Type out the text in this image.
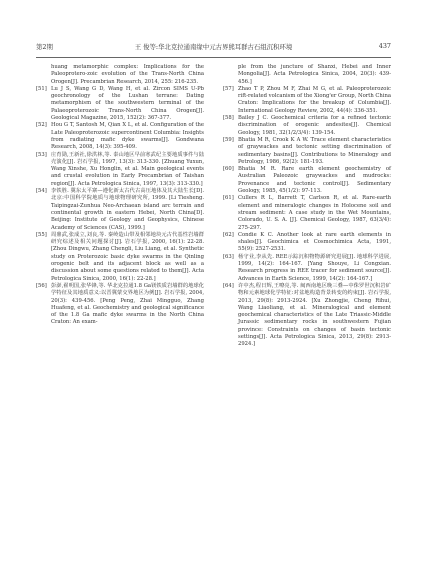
第2期	王 俊等:华北克拉通南缘中元古界熊耳群古石组沉积环境	437

huang metamorphic complex: Implications for the Paleoprotero-zoic evolution of the Trans-North China Orogen[J]. Precambrian Research, 2014, 255: 216-235.

[51] Lu J S, Wang G D, Wang H, et al. Zircon SIMS U-Pb geochronology of the Lushan terrane: Dating metamorphism of the southwestern terminal of the Palaeoproterozoic Trans-North China Orogen[J]. Geological Magazine, 2015, 152(2): 367-377.

[52] Hou G T, Santosh M, Qian X L, et al. Configuration of the Late Paleoproterozoic supercontinent Columbia: Insights from radiating mafic dyke swarms[J]. Gondwana Research, 2008, 14(3): 395-409.

[53] 庄育勋,王新社,徐洪林,等. 泰山地区早前寒武纪主要地质事件与陆壳演化[J]. 岩石学报, 1997, 13(3): 313-330. [Zhuang Yuxun, Wang Xinshe, Xu Honglin, et al. Main geological events and crustal evolution in Early Precambrian of Taishan region[J]. Acta Petrologica Sinica, 1997, 13(3): 313-330.]

[54] 李铁胜. 冀东太平寨—遵化新太古代古高压地体及其大陆生长[D]. 北京:中国科学院地质与地球物理研究所, 1999. [Li Tiesheng. Taipingzai-Zunhua Neo-Archaean island arc terrain and continental growth in eastern Hebei, North China[D]. Beijing: Institute of Geology and Geophysics, Chinese Academy of Sciences (CAS), 1999.]

[55] 周鼎武,张成立,刘良,等. 秦岭造山带及相邻地块元古代基性岩墙群研究综述及相关问题探讨[J]. 岩石学报, 2000, 16(1): 22-28. [Zhou Dingwu, Zhang Chengli, Liu Liang, et al. Synthetic study on Proterozoic basic dyke swarms in the Qinling orogenic belt and its adjacent block as well as a discussion about some questions related to them[J]. Acta Petrologica Sinica, 2000, 16(1): 22-28.]

[56] 彭澎,翟明国,张华锋,等. 华北克拉通1.8 Ga镁铁质岩墙群的地球化学特征及其地质意义:以晋冀蒙交界地区为例[J]. 岩石学报, 2004, 20(3): 439-456. [Peng Peng, Zhai Mingguo, Zhang Huafeng, et al. Geochemistry and geological significance of the 1.8 Ga mafic dyke swarms in the North China Craton: An exam-

ple from the juncture of Shanxi, Hebei and Inner Mongolia[J]. Acta Petrologica Sinica, 2004, 20(3): 439-456.]

[57] Zhao T P, Zhou M F, Zhai M G, et al. Paleoproterozoic rift-related volcanism of the Xiong'er Group, North China Craton: Implications for the breakup of Columbia[J]. International Geology Review, 2002, 44(4): 336-351.

[58] Bailey J C. Geochemical criteria for a refined tectonic discrimination of orogenic andesites[J]. Chemical Geology, 1981, 32(1/2/3/4): 139-154.

[59] Bhatia M R, Crook K A W. Trace element characteristics of graywackes and tectonic setting discrimination of sedimentary basins[J]. Contributions to Mineralogy and Petrology, 1986, 92(2): 181-193.

[60] Bhatia M R. Rare earth element geochemistry of Australian Paleozoic graywackes and mudrocks: Provenance and tectonic control[J]. Sedimentary Geology, 1985, 45(1/2): 97-113.

[61] Cullers R L, Barrett T, Carlson R, et al. Rare-earth element and mineralogic changes in Holocene soil and stream sediment: A case study in the Wet Mountains, Colorado, U. S. A. [J]. Chemical Geology, 1987, 63(3/4): 275-297.

[62] Condie K C. Another look at rare earth elements in shales[J]. Geochimica et Cosmochimica Acta, 1991, 55(9): 2527-2531.

[63] 杨守业,李从先. REE示踪沉积物物源研究进展[J]. 地球科学进展, 1999, 14(2): 164-167. [Yang Shouye, Li Congxian. Research progress in REE tracer for sediment source[J]. Advances in Earth Science, 1999, 14(2): 164-167.]

[64] 许中杰,程日辉,王嘹亮,等. 闽西南地区晚三叠—中侏罗世沉积岩矿物和元素地球化学特征:对盆地构造背景转变的约束[J]. 岩石学报, 2013, 29(8): 2913-2924. [Xu Zhongjie, Cheng Rihui, Wang Liaoliang, et al. Mineralogical and element geochemical characteristics of the Late Triassic-Middle Jurassic sedimentary rocks in southwestern Fujian province: Constraints on changes of basin tectonic settings[J]. Acta Petrologica Sinica, 2013, 29(8): 2913-2924.]
